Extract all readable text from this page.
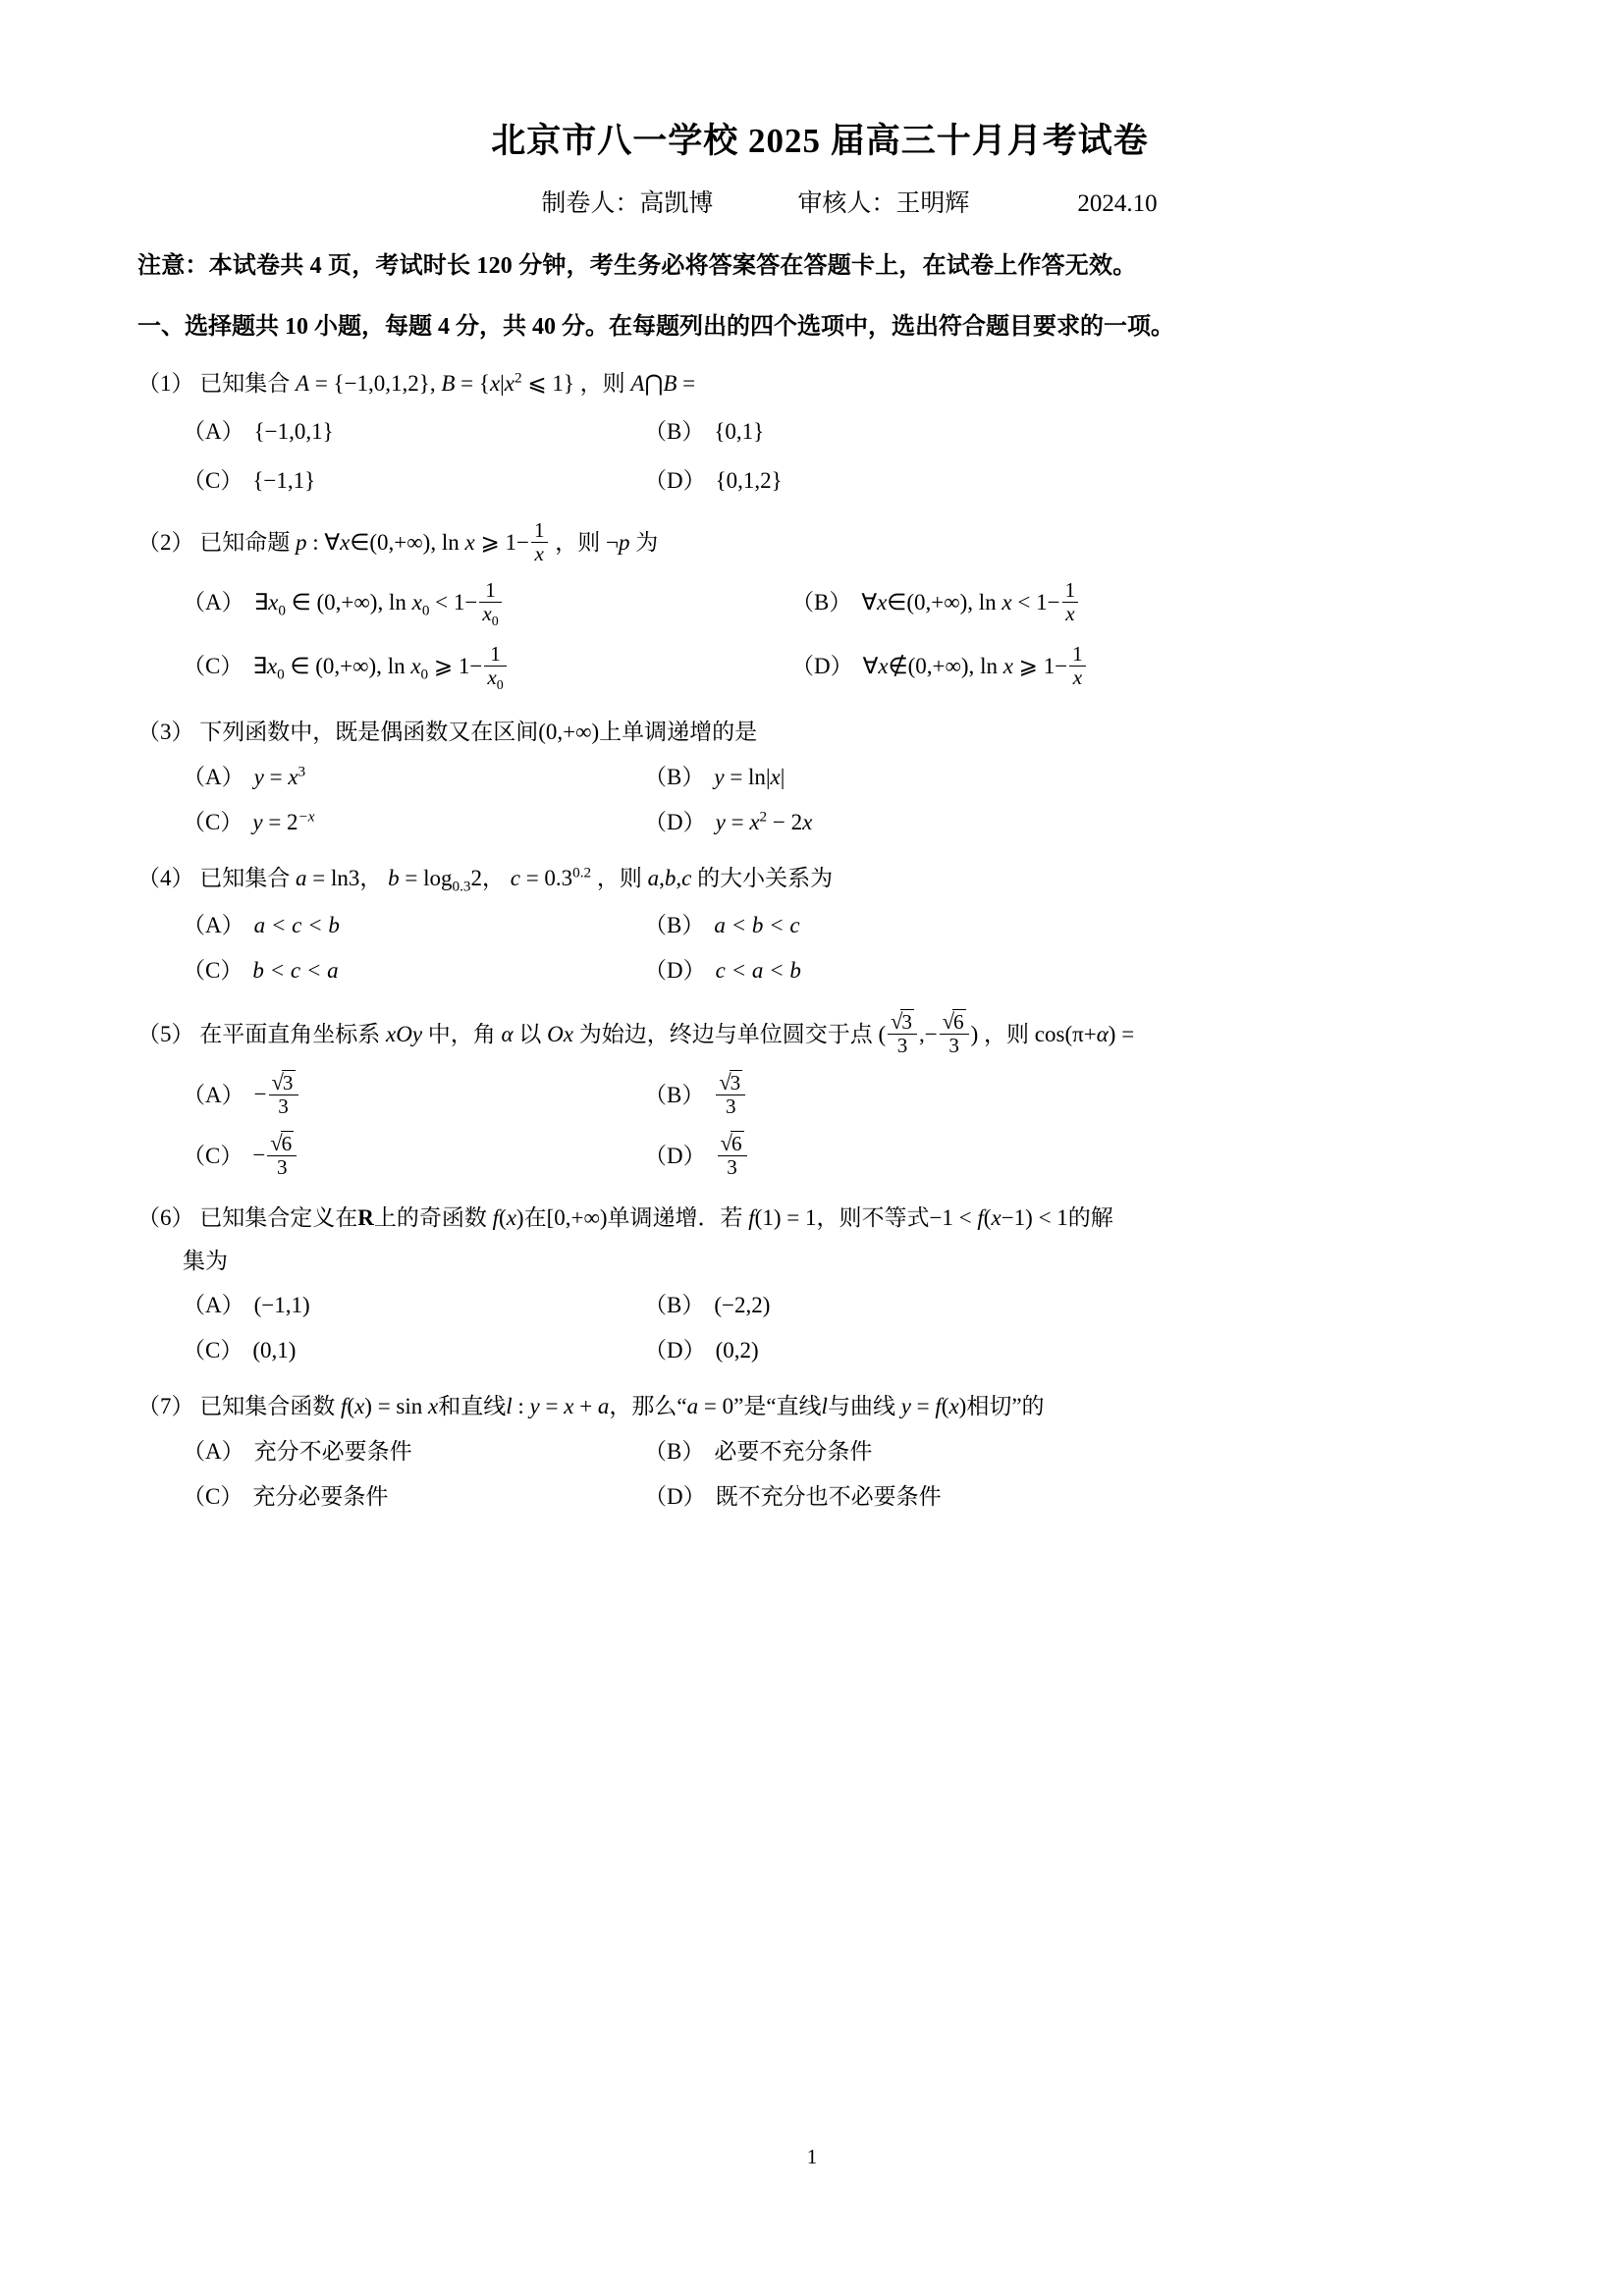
北京市八一学校 2025 届高三十月月考试卷
制卷人：高凯博	审核人：王明辉	2024.10
注意：本试卷共 4 页，考试时长 120 分钟，考生务必将答案答在答题卡上，在试卷上作答无效。
一、选择题共 10 小题，每题 4 分，共 40 分。在每题列出的四个选项中，选出符合题目要求的一项。
（1） 已知集合 A = {−1,0,1,2}, $B = \{x|x^2$ ⩽ 1} ，则 A⋂B =
（A） {−1,0,1}	（B） {0,1}
（C） {−1,1}	（D） {0,1,2}
（2） 已知命题 p : ∀x∈(0,+∞), ln x ⩾ $1- \frac{1}{x}$ ，则 ¬p 为
（A） $\exists x_0$ ∈ (0,+∞), $\ln x_0 < 1- \frac{1}{x_0}$	（B） ∀x∈(0,+∞), $\ln x < 1- \frac{1}{x}$
（C） $\exists x_0$ ∈ (0,+∞), $\ln x_0$ ⩾ $1- \frac{1}{x_0}$	（D） ∀x∉(0,+∞), ln x ⩾ $1- \frac{1}{x}$
（3） 下列函数中，既是偶函数又在区间(0,+∞)上单调递增的是
（A） $y = x^3$	（B） y = ln|x|
（C） $y = 2^{-x}$	（D） $y = x^2 - 2x$
（4） 已知集合 a = ln3， $b = \log_{0.3}2$， $c = 0.3^{0.2}$ ，则 a,b,c 的大小关系为
（A） a < c < b	（B） a < b < c
（C） b < c < a	（D） c < a < b
（5） 在平面直角坐标系 xOy 中，角 α 以 Ox 为始边，终边与单位圆交于点 ( $\frac{√3}{3}$ ,− $\frac{√6}{3}$ ) ，则 cos(π+α) =
$(A) - \frac{√3}{3}$	$(B) \frac{√3}{3}$
$(C) - \frac{√6}{3}$	$(D) \frac{√6}{3}$
（6） 已知集合定义在R上的奇函数 f(x)在[0,+∞)单调递增．若 f(1) = 1，则不等式−1 < f(x−1) < 1的解
集为
（A） (−1,1)	（B） (−2,2)
（C） (0,1)	（D） (0,2)
（7） 已知集合函数 f(x) = sin x和直线l : y = x + a，那么“a = 0”是“直线l与曲线 y = f(x)相切”的
（A） 充分不必要条件	（B） 必要不充分条件
（C） 充分必要条件	（D） 既不充分也不必要条件
1
